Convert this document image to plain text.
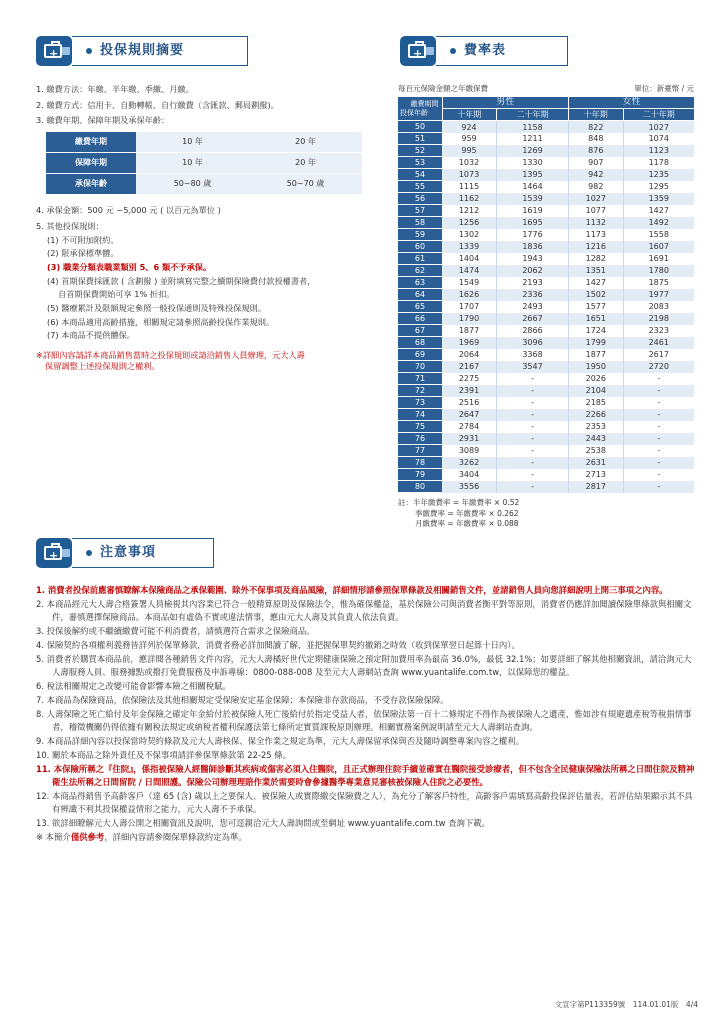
+	投保規則摘要	+	費率表
1. 繳費方法：年繳、半年繳、季繳、月繳。
2. 繳費方式：信用卡、自動轉帳、自行繳費（含匯款、郵局劃撥)。
3. 繳費年期、保障年期及承保年齡：
繳費年期	10 年	20 年
保障年期	10 年	20 年
承保年齡	50~80 歲	50~70 歲
4. 承保金額：500 元 ~5,000 元 ( 以百元為單位 )
5. 其他投保規則：
(1) 不可附加附約。
(2) 限承保標準體。
(3) 職業分類表職業類別 5、6 類不予承保。
(4) 首期保費採匯款 ( 含劃撥 ) 並附填寫完整之續期保險費付款授權書者，
自首期保費開始可享 1% 折扣。
(5) 醫療累計及限額規定參照一般投保通則及特殊投保規則。
(6) 本商品適用高齡措施，相關規定請參照高齡投保作業規則。
(7) 本商品不提供體保。
※詳細內容請詳本商品銷售當時之投保規則或請洽銷售人員辦理，元大人壽
保留調整上述投保規則之權利。
每百元保險金額之年繳保費	單位：新臺幣 / 元
繳費期間
投保年齡	男性		女性	
	十年期	二十年期	十年期	二十年期
50	924	1158	822	1027
51	959	1211	848	1074
52	995	1269	876	1123
53	1032	1330	907	1178
54	1073	1395	942	1235
55	1115	1464	982	1295
56	1162	1539	1027	1359
57	1212	1619	1077	1427
58	1256	1695	1132	1492
59	1302	1776	1173	1558
60	1339	1836	1216	1607
61	1404	1943	1282	1691
62	1474	2062	1351	1780
63	1549	2193	1427	1875
64	1626	2336	1502	1977
65	1707	2493	1577	2083
66	1790	2667	1651	2198
67	1877	2866	1724	2323
68	1969	3096	1799	2461
69	2064	3368	1877	2617
70	2167	3547	1950	2720
71	2275	-	2026	-
72	2391	-	2104	-
73	2516	-	2185	-
74	2647	-	2266	-
75	2784	-	2353	-
76	2931	-	2443	-
77	3089	-	2538	-
78	3262	-	2631	-
79	3404	-	2713	-
80	3556	-	2817	-
註：半年繳費率 = 年繳費率 × 0.52
季繳費率 = 年繳費率 × 0.262
月繳費率 = 年繳費率 × 0.088
+	注意事項
1. 消費者投保前應審慎瞭解本保險商品之承保範圍、除外不保事項及商品風險，詳細情形請參照保單條款及相關銷售文件，並請銷售人員向您詳細說明上開三事項之內容。
2. 本商品經元大人壽合格簽署人員檢視其內容業已符合一般精算原則及保險法令，惟為確保權益，基於保險公司與消費者衡平對等原則，消費者仍應詳加閱讀保險單條款與相關文件，審慎選擇保險商品。本商品如有虛偽不實或違法情事，應由元大人壽及其負責人依法負責。
3. 投保後解約或不繼續繳費可能不利消費者，請慎選符合需求之保險商品。
4. 保險契約各項權利義務皆詳列於保單條款，消費者務必詳加閱讀了解，並把握保單契約撤銷之時效（收到保單翌日起算十日內）。
5. 消費者於購買本商品前，應詳閱各種銷售文件內容，元大人壽橘好世代定期健康保險之預定附加費用率為最高 36.0%，最低 32.1%；如要詳細了解其他相關資訊，請洽詢元大人壽服務人員、服務據點或撥打免費服務及申訴專線：0800-088-008 及至元大人壽網站查詢 www.yuantalife.com.tw，以保障您的權益。
6. 稅法相關規定之改變可能會影響本險之相關稅賦。
7. 本商品為保險商品，依保險法及其他相關規定受保險安定基金保障；本保險非存款商品，不受存款保險保障。
8. 人壽保險之死亡給付及年金保險之確定年金給付於被保險人死亡後給付於指定受益人者，依保險法第一百十二條規定不得作為被保險人之遺產，惟如涉有規避遺產稅等稅捐情事者，稽徵機關仍得依據有關稅法規定或納稅者權利保護法第七條所定實質課稅原則辦理。相關實務案例說明請至元大人壽網站查詢。
9. 本商品詳細內容以投保當時契約條款及元大人壽核保、保全作業之規定為準，元大人壽保留承保與否及隨時調整專案內容之權利。
10. 關於本商品之除外責任及不保事項請詳參保單條款第 22-25 條。
11. 本保險所稱之『住院』，係指被保險人經醫師診斷其疾病或傷害必須入住醫院，且正式辦理住院手續並確實在醫院接受診療者，但不包含全民健康保險法所稱之日間住院及精神衛生法所稱之日間留院 / 日間照護。保險公司辦理理賠作業於需要時會參據醫學專業意見審核被保險人住院之必要性。
12. 本商品得銷售予高齡客戶（達 65 (含) 歲以上之要保人、被保險人或實際繳交保險費之人），為充分了解客戶特性，高齡客戶需填寫高齡投保評估量表，若評估結果顯示其不具有辨識不利其投保權益情形之能力，元大人壽不予承保。
13. 欲詳細瞭解元大人壽公開之相關資訊及說明，您可逕親洽元大人壽詢問或至網址 www.yuantalife.com.tw 查詢下載。
※ 本簡介僅供參考，詳細內容請參閱保單條款約定為準。
文宣字第P113359號　114.01.01版　4/4
